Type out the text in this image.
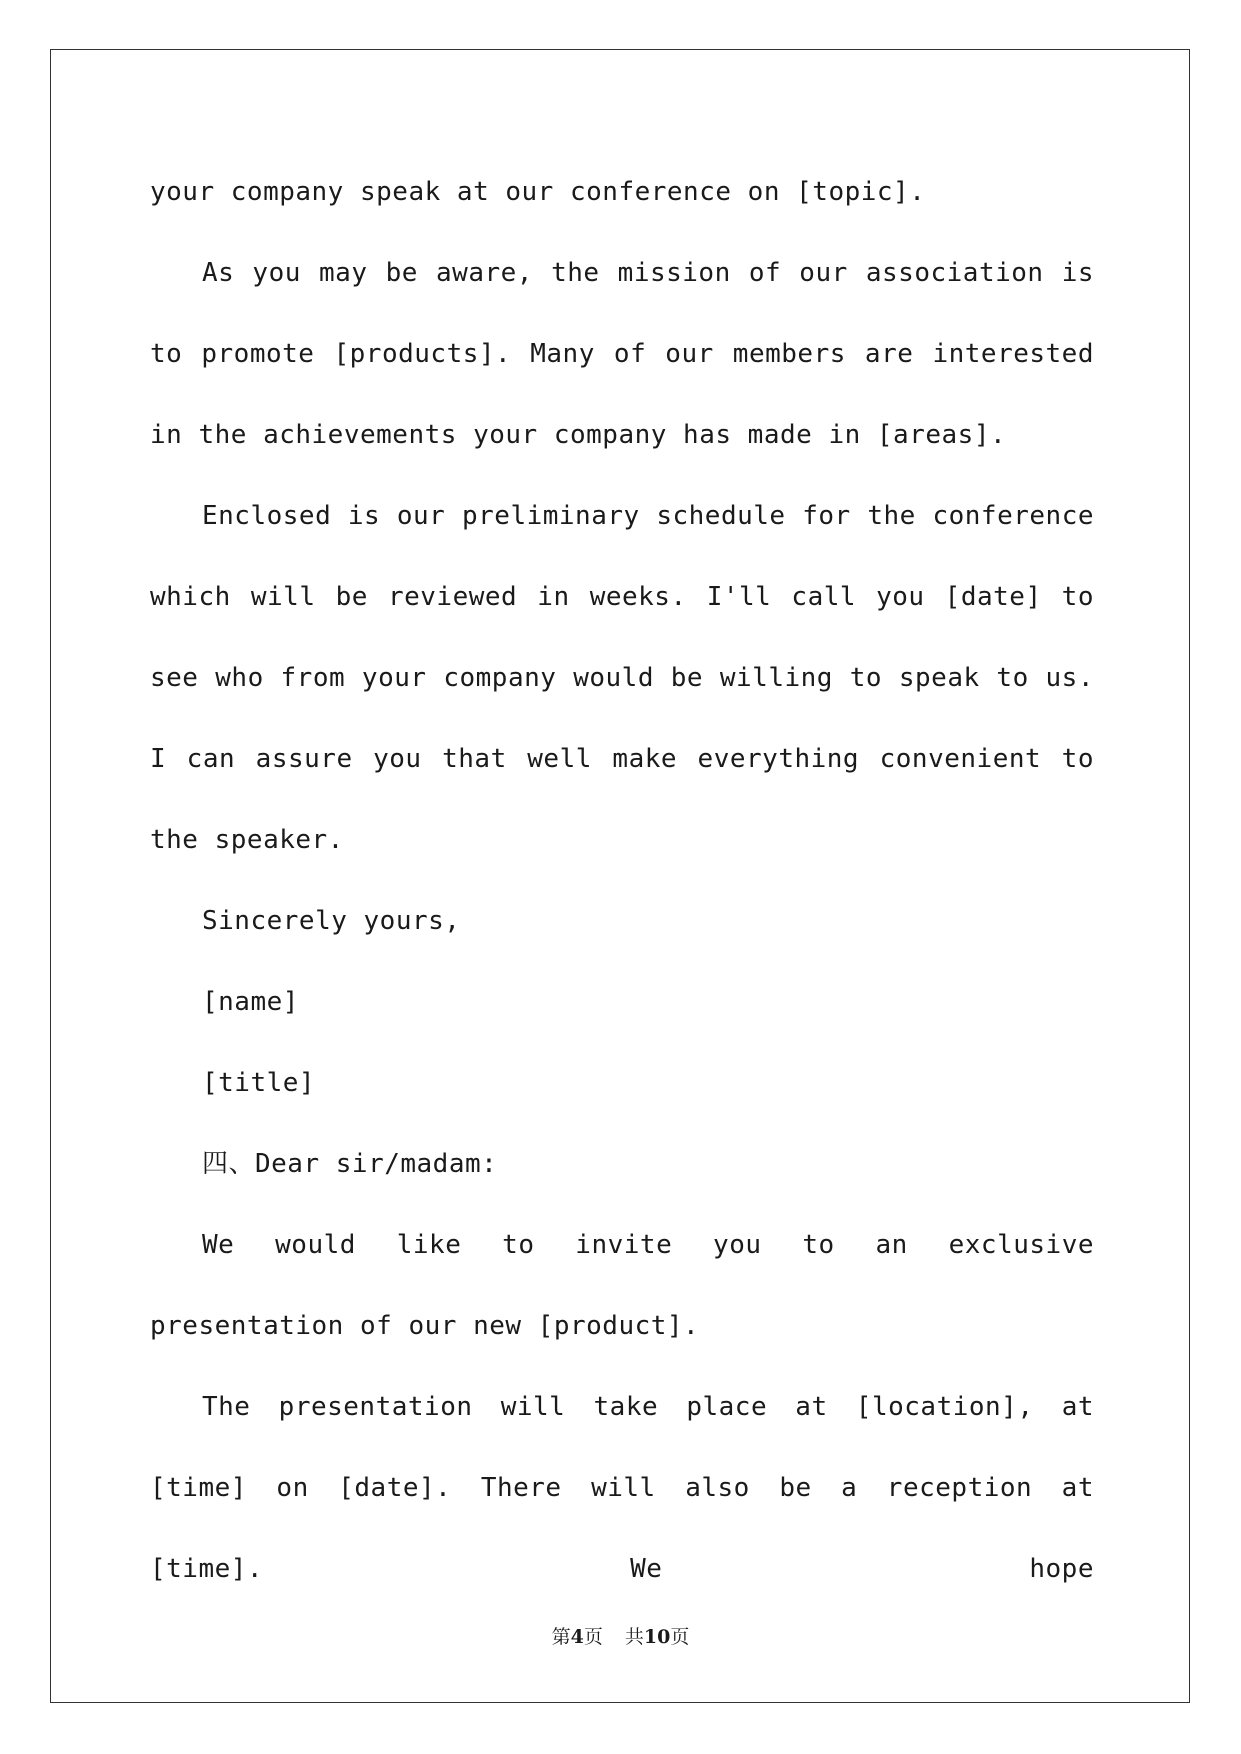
your company speak at our conference on [topic].

As you may be aware, the mission of our association is to promote [products]. Many of our members are interested in the achievements your company has made in [areas].

Enclosed is our preliminary schedule for the conference which will be reviewed in weeks. I'll call you [date] to see who from your company would be willing to speak to us. I can assure you that well make everything convenient to the speaker.

Sincerely yours,

[name]

[title]

四、Dear sir/madam:

We would like to invite you to an exclusive presentation of our new [product].

The presentation will take place at [location], at [time] on [date]. There will also be a reception at [time]. We hope

第4页 共10页
